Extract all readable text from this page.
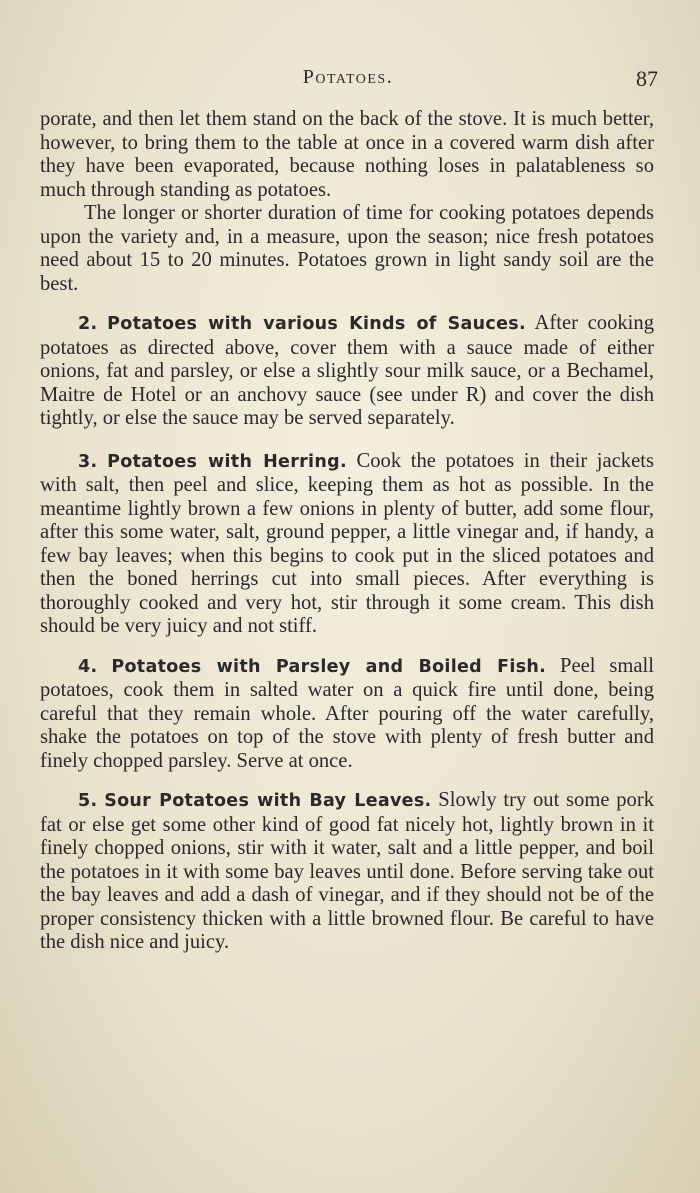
Potatoes.	87

porate, and then let them stand on the back of the stove. It is much better, however, to bring them to the table at once in a covered warm dish after they have been evaporated, because nothing loses in palatableness so much through standing as potatoes.

The longer or shorter duration of time for cooking potatoes depends upon the variety and, in a measure, upon the season; nice fresh potatoes need about 15 to 20 minutes. Potatoes grown in light sandy soil are the best.

2. Potatoes with various Kinds of Sauces. After cooking potatoes as directed above, cover them with a sauce made of either onions, fat and parsley, or else a slightly sour milk sauce, or a Bechamel, Maitre de Hotel or an anchovy sauce (see under R) and cover the dish tightly, or else the sauce may be served separately.

3. Potatoes with Herring. Cook the potatoes in their jackets with salt, then peel and slice, keeping them as hot as possible. In the meantime lightly brown a few onions in plenty of butter, add some flour, after this some water, salt, ground pepper, a little vinegar and, if handy, a few bay leaves; when this begins to cook put in the sliced potatoes and then the boned herrings cut into small pieces. After everything is thoroughly cooked and very hot, stir through it some cream. This dish should be very juicy and not stiff.

4. Potatoes with Parsley and Boiled Fish. Peel small potatoes, cook them in salted water on a quick fire until done, being careful that they remain whole. After pouring off the water carefully, shake the potatoes on top of the stove with plenty of fresh butter and finely chopped parsley. Serve at once.

5. Sour Potatoes with Bay Leaves. Slowly try out some pork fat or else get some other kind of good fat nicely hot, lightly brown in it finely chopped onions, stir with it water, salt and a little pepper, and boil the potatoes in it with some bay leaves until done. Before serving take out the bay leaves and add a dash of vinegar, and if they should not be of the proper consistency thicken with a little browned flour. Be careful to have the dish nice and juicy.
